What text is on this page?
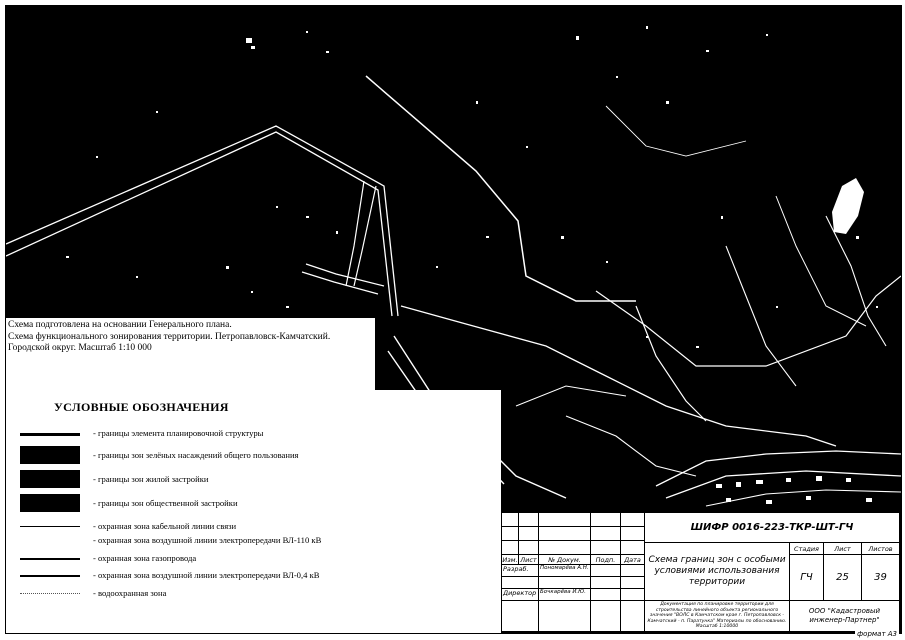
Схема подготовлена на основании Генерального плана.
Схема функционального зонирования территории. Петропавловск-Камчатский.
Городской округ. Масштаб 1:10 000
УСЛОВНЫЕ ОБОЗНАЧЕНИЯ
- границы элемента планировочной структуры
- границы зон зелёных насаждений общего пользования
- границы зон жилой застройки
- границы зон общественной застройки
- охранная зона кабельной линии связи
- охранная зона воздушной линии электропередачи ВЛ-110 кВ
- охранная зона газопровода
- охранная зона воздушной линии электропередачи ВЛ-0,4 кВ
- водоохранная зона
Изм. Лист	№ Докум.	Подп.	Дата
Разраб.	Пономарёва А.Н.
Директор Бочкарёва И.Ю.
ШИФР 0016-223-ТКР-ШТ-ГЧ
Схема границ зон с особыми условиями использования территории
Стадия	Лист	Листов
ГЧ	25	39
Документация по планировке территории для строительства линейного объекта регионального значения "ВОЛС в Камчатском крае г. Петропавловск - Камчатский - п. Паратунка" Материалы по обоснованию. Масштаб 1:10000
ООО "Кадастровый инженер-Партнер"
формат А3
